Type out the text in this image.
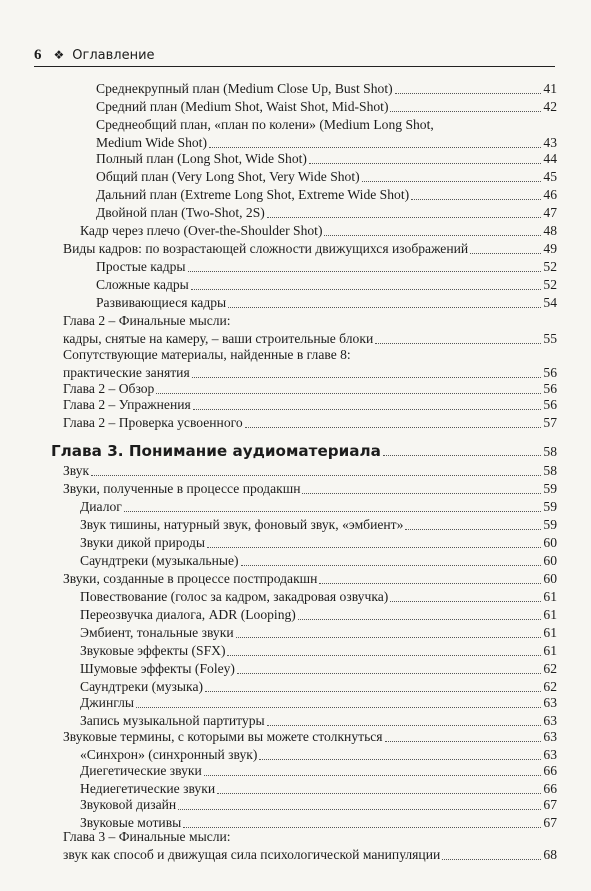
6 ❖ Оглавление
Среднекрупный план (Medium Close Up, Bust Shot)	41
Средний план (Medium Shot, Waist Shot, Mid-Shot)	42
Среднеобщий план, «план по колени» (Medium Long Shot,
Medium Wide Shot)	43
Полный план (Long Shot, Wide Shot)	44
Общий план (Very Long Shot, Very Wide Shot)	45
Дальний план (Extreme Long Shot, Extreme Wide Shot)	46
Двойной план (Two-Shot, 2S)	47
Кадр через плечо (Over-the-Shoulder Shot)	48
Виды кадров: по возрастающей сложности движущихся изображений	49
Простые кадры	52
Сложные кадры	52
Развивающиеся кадры	54
Глава 2 – Финальные мысли:
кадры, снятые на камеру, – ваши строительные блоки	55
Сопутствующие материалы, найденные в главе 8:
практические занятия	56
Глава 2 – Обзор	56
Глава 2 – Упражнения	56
Глава 2 – Проверка усвоенного	57
Глава 3. Понимание аудиоматериала	58
Звук	58
Звуки, полученные в процессе продакшн	59
Диалог	59
Звук тишины, натурный звук, фоновый звук, «эмбиент»	59
Звуки дикой природы	60
Саундтреки (музыкальные)	60
Звуки, созданные в процессе постпродакшн	60
Повествование (голос за кадром, закадровая озвучка)	61
Переозвучка диалога, ADR (Looping)	61
Эмбиент, тональные звуки	61
Звуковые эффекты (SFX)	61
Шумовые эффекты (Foley)	62
Саундтреки (музыка)	62
Джинглы	63
Запись музыкальной партитуры	63
Звуковые термины, с которыми вы можете столкнуться	63
«Синхрон» (синхронный звук)	63
Диегетические звуки	66
Недиегетические звуки	66
Звуковой дизайн	67
Звуковые мотивы	67
Глава 3 – Финальные мысли:
звук как способ и движущая сила психологической манипуляции	68
